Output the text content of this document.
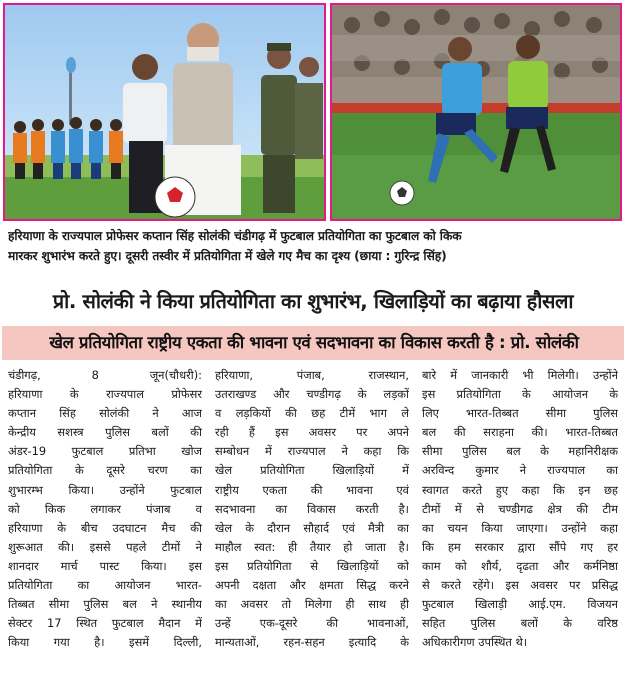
हरियाणा के राज्यपाल प्रोफेसर कप्तान सिंह सोलंकी चंडीगढ़ में फुटबाल प्रतियोगिता का फुटबाल को किक
मारकर शुभारंभ करते हुए। दूसरी तस्वीर में प्रतियोगिता में खेले गए मैच का दृश्य (छाया : गुरिन्द्र सिंह)
प्रो. सोलंकी ने किया प्रतियोगिता का शुभारंभ, खिलाड़ियों का बढ़ाया हौसला
खेल प्रतियोगिता राष्ट्रीय एकता की भावना एवं सदभावना का विकास करती है : प्रो. सोलंकी
चंडीगढ़, 8 जून(चौधरी):
हरियाणा के राज्यपाल प्रोफेसर
कप्तान सिंह सोलंकी ने आज
केन्द्रीय सशस्त्र पुलिस बलों की
अंडर-19 फुटबाल प्रतिभा खोज
प्रतियोगिता के दूसरे चरण का
शुभारम्भ किया। उन्होंने फुटबाल
को किक लगाकर पंजाब व
हरियाणा के बीच उदघाटन मैच की
शुरूआत की। इससे पहले टीमों ने
शानदार मार्च पास्ट किया। इस
प्रतियोगिता का आयोजन भारत-
तिब्बत सीमा पुलिस बल ने स्थानीय
सेक्टर 17 स्थित फुटबाल मैदान में
किया गया है। इसमें दिल्ली,
हरियाणा, पंजाब, राजस्थान,
उतराखण्ड और चण्डीगढ़ के लड़कों
व लड़कियों की छह टीमें भाग ले
रही हैं इस अवसर पर अपने
सम्बोधन में राज्यपाल ने कहा कि
खेल प्रतियोगिता खिलाड़ियों में
राष्ट्रीय एकता की भावना एवं
सदभावना का विकास करती है।
खेल के दौरान सौहार्द एवं मैत्री का
माहौल स्वत: ही तैयार हो जाता है।
इस प्रतियोगिता से खिलाड़ियों को
अपनी दक्षता और क्षमता सिद्ध करने
का अवसर तो मिलेगा ही साथ ही
उन्हें एक-दूसरे की भावनाओं,
मान्यताओं, रहन-सहन इत्यादि के
बारे में जानकारी भी मिलेगी। उन्होंने
इस प्रतियोगिता के आयोजन के
लिए भारत-तिब्बत सीमा पुलिस
बल की सराहना की। भारत-तिब्बत
सीमा पुलिस बल के महानिरीक्षक
अरविन्द कुमार ने राज्यपाल का
स्वागत करते हुए कहा कि इन छह
टीमों में से चण्डीगढ क्षेत्र की टीम
का चयन किया जाएगा। उन्होंने कहा
कि हम सरकार द्वारा सौंपे गए हर
काम को शौर्य, दृढता और कर्मनिष्ठा
से करते रहेंगे। इस अवसर पर प्रसिद्ध
फुटबाल खिलाड़ी आई.एम. विजयन
सहित पुलिस बलों के वरिष्ठ
अधिकारीगण उपस्थित थे।
